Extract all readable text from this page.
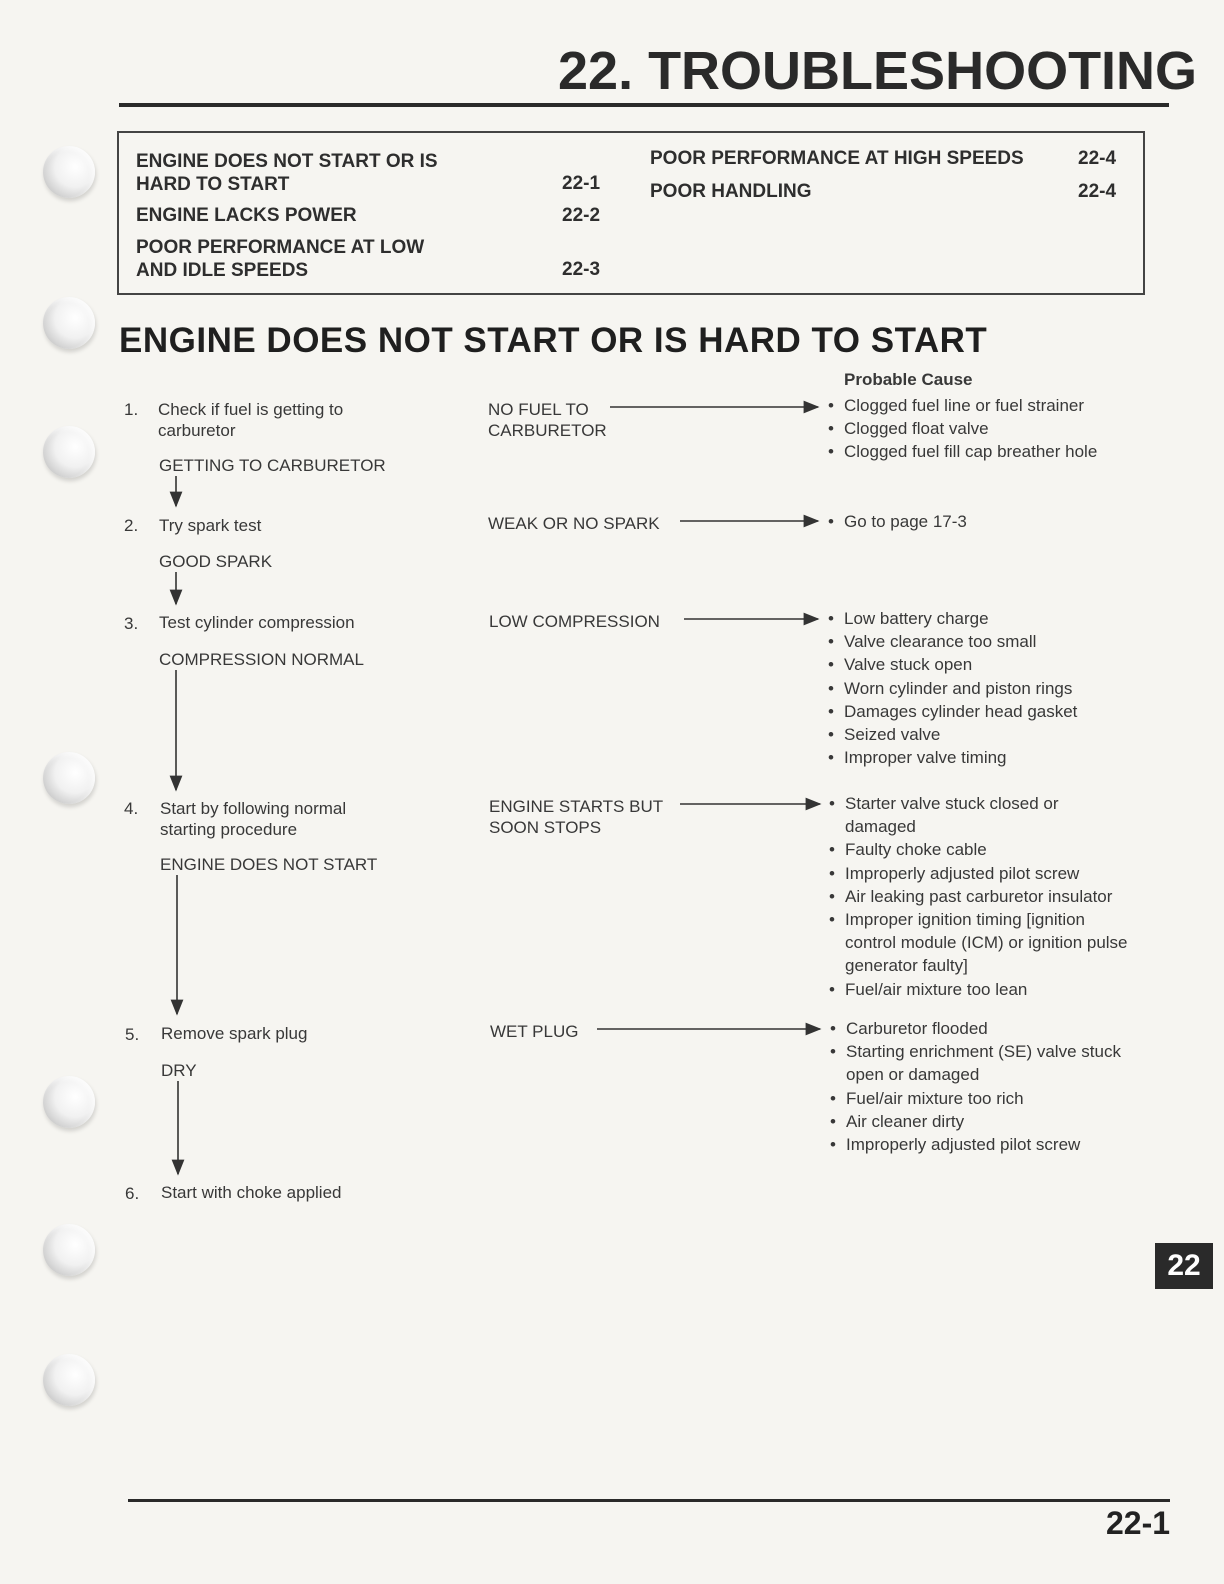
22. TROUBLESHOOTING
ENGINE DOES NOT START OR IS
HARD TO START	22-1
ENGINE LACKS POWER	22-2
POOR PERFORMANCE AT LOW
AND IDLE SPEEDS	22-3
POOR PERFORMANCE AT HIGH SPEEDS	22-4
POOR HANDLING	22-4
ENGINE DOES NOT START OR IS HARD TO START
Probable Cause
1. Check if fuel is getting to
carburetor
GETTING TO CARBURETOR
NO FUEL TO
CARBURETOR
• Clogged fuel line or fuel strainer
• Clogged float valve
• Clogged fuel fill cap breather hole
2. Try spark test
GOOD SPARK
WEAK OR NO SPARK	• Go to page 17-3
3. Test cylinder compression
COMPRESSION NORMAL
LOW COMPRESSION	• Low battery charge
• Valve clearance too small
• Valve stuck open
• Worn cylinder and piston rings
• Damages cylinder head gasket
• Seized valve
• Improper valve timing
4. Start by following normal
starting procedure
ENGINE DOES NOT START
ENGINE STARTS BUT
SOON STOPS
• Starter valve stuck closed or
damaged
• Faulty choke cable
• Improperly adjusted pilot screw
• Air leaking past carburetor insulator
• Improper ignition timing [ignition
control module (ICM) or ignition pulse
generator faulty]
• Fuel/air mixture too lean
5. Remove spark plug
DRY
WET PLUG	• Carburetor flooded
• Starting enrichment (SE) valve stuck
open or damaged
• Fuel/air mixture too rich
• Air cleaner dirty
• Improperly adjusted pilot screw
6. Start with choke applied
22
22-1
